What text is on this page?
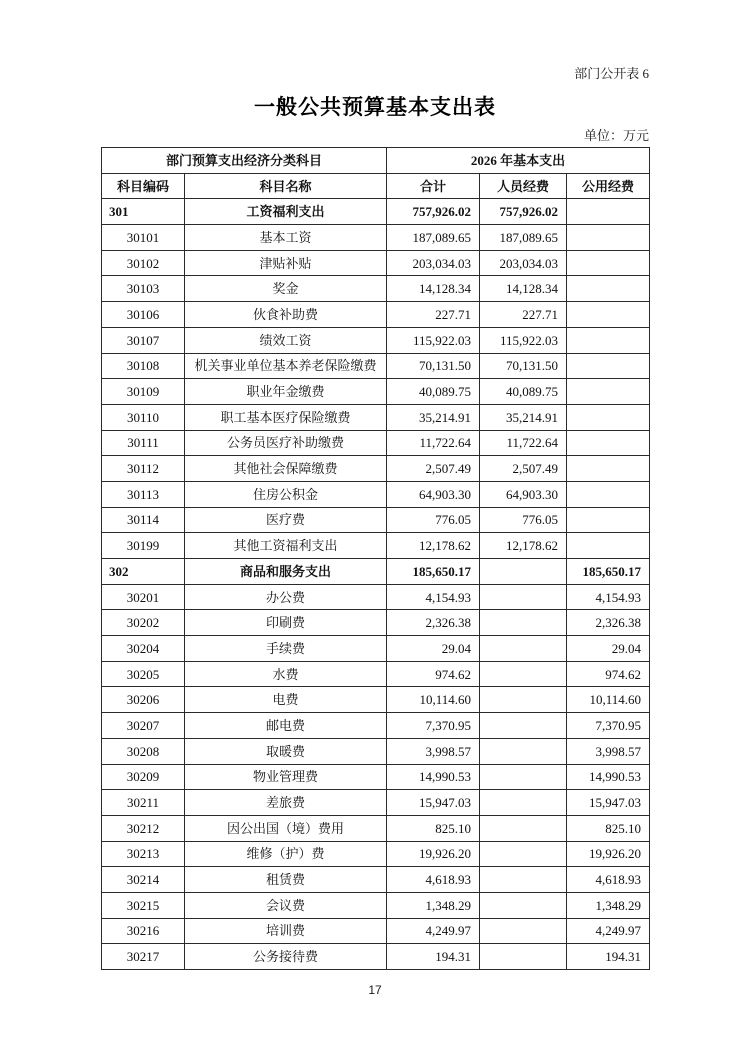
部门公开表 6
一般公共预算基本支出表
单位：万元
部门预算支出经济分类科目		2026 年基本支出		
科目编码	科目名称	合计	人员经费	公用经费
301	工资福利支出	757,926.02	757,926.02	
30101	基本工资	187,089.65	187,089.65	
30102	津贴补贴	203,034.03	203,034.03	
30103	奖金	14,128.34	14,128.34	
30106	伙食补助费	227.71	227.71	
30107	绩效工资	115,922.03	115,922.03	
30108	机关事业单位基本养老保险缴费	70,131.50	70,131.50	
30109	职业年金缴费	40,089.75	40,089.75	
30110	职工基本医疗保险缴费	35,214.91	35,214.91	
30111	公务员医疗补助缴费	11,722.64	11,722.64	
30112	其他社会保障缴费	2,507.49	2,507.49	
30113	住房公积金	64,903.30	64,903.30	
30114	医疗费	776.05	776.05	
30199	其他工资福利支出	12,178.62	12,178.62	
302	商品和服务支出	185,650.17		185,650.17
30201	办公费	4,154.93		4,154.93
30202	印刷费	2,326.38		2,326.38
30204	手续费	29.04		29.04
30205	水费	974.62		974.62
30206	电费	10,114.60		10,114.60
30207	邮电费	7,370.95		7,370.95
30208	取暖费	3,998.57		3,998.57
30209	物业管理费	14,990.53		14,990.53
30211	差旅费	15,947.03		15,947.03
30212	因公出国（境）费用	825.10		825.10
30213	维修（护）费	19,926.20		19,926.20
30214	租赁费	4,618.93		4,618.93
30215	会议费	1,348.29		1,348.29
30216	培训费	4,249.97		4,249.97
30217	公务接待费	194.31		194.31
17
